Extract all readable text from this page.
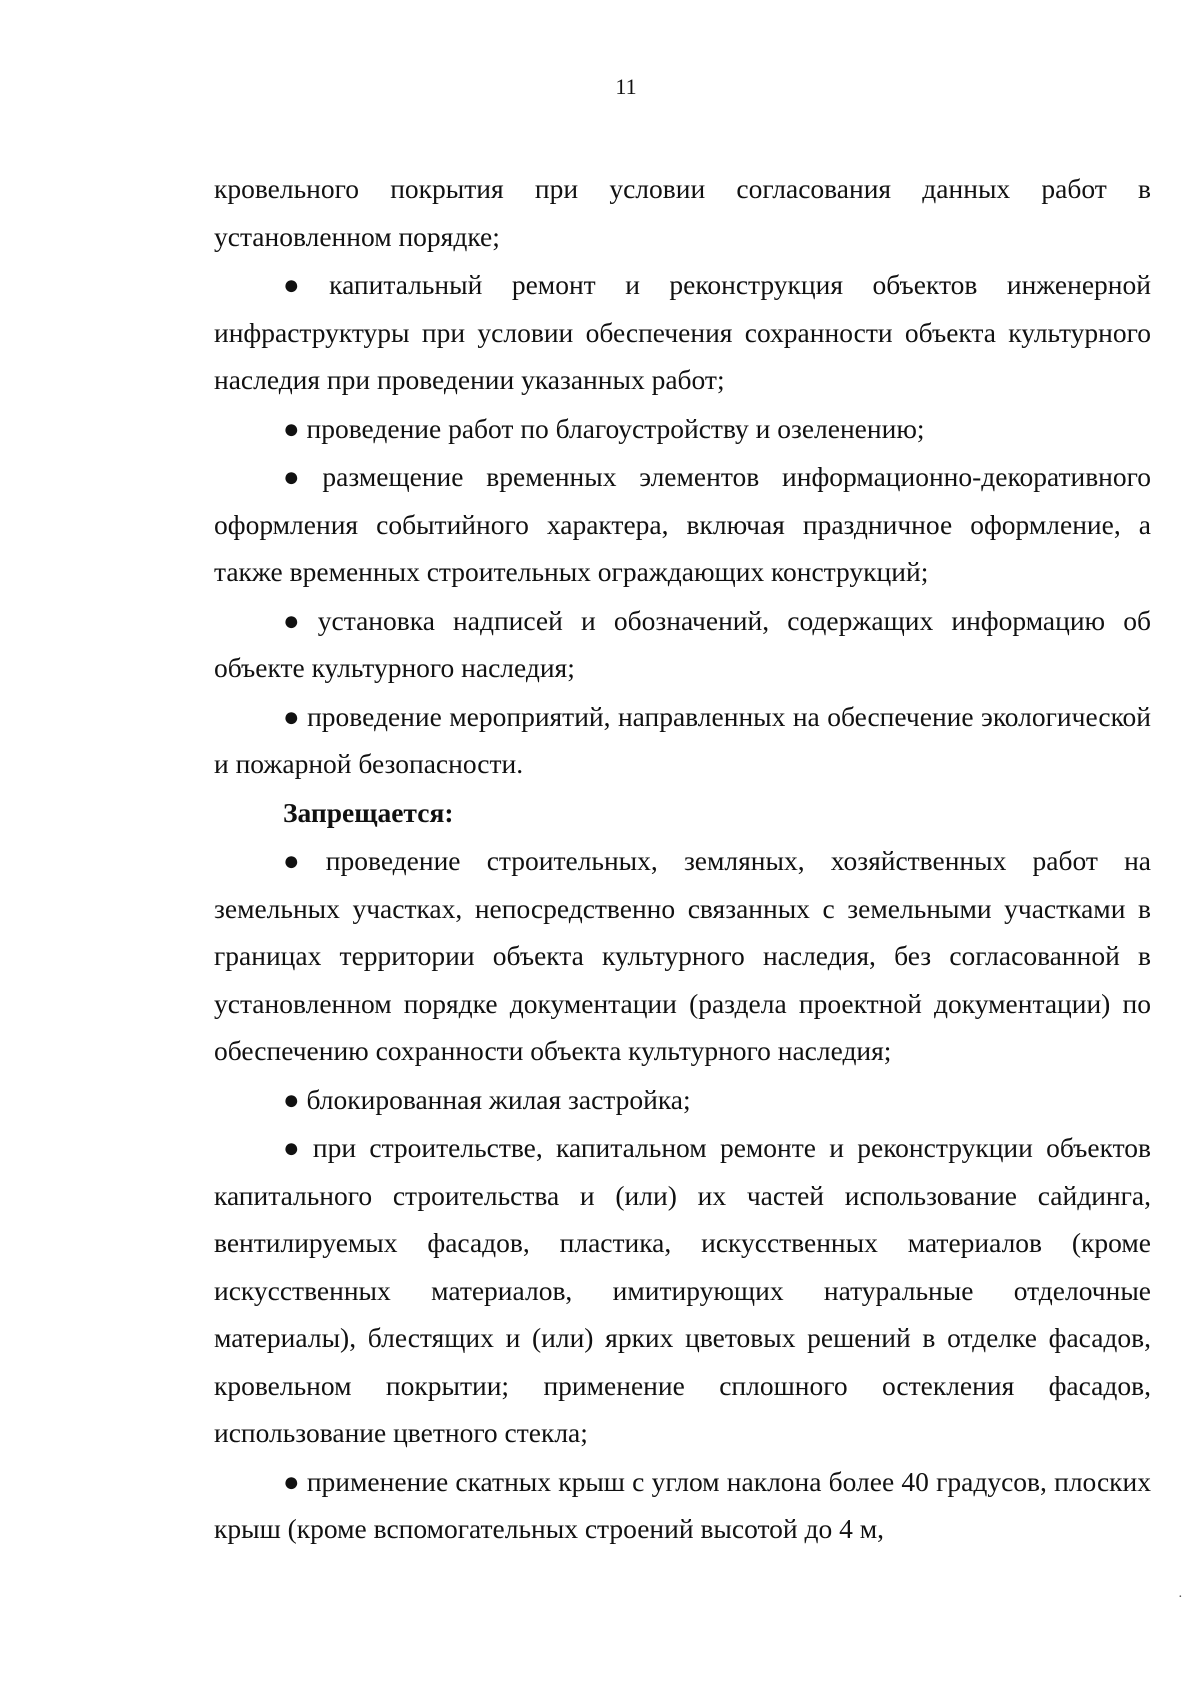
11

кровельного покрытия при условии согласования данных работ в установленном порядке;

● капитальный ремонт и реконструкция объектов инженерной инфраструктуры при условии обеспечения сохранности объекта культурного наследия при проведении указанных работ;

● проведение работ по благоустройству и озеленению;

● размещение временных элементов информационно-декоративного оформления событийного характера, включая праздничное оформление, а также временных строительных ограждающих конструкций;

● установка надписей и обозначений, содержащих информацию об объекте культурного наследия;

● проведение мероприятий, направленных на обеспечение экологической и пожарной безопасности.

Запрещается:

● проведение строительных, земляных, хозяйственных работ на земельных участках, непосредственно связанных с земельными участками в границах территории объекта культурного наследия, без согласованной в установленном порядке документации (раздела проектной документации) по обеспечению сохранности объекта культурного наследия;

● блокированная жилая застройка;

● при строительстве, капитальном ремонте и реконструкции объектов капитального строительства и (или) их частей использование сайдинга, вентилируемых фасадов, пластика, искусственных материалов (кроме искусственных материалов, имитирующих натуральные отделочные материалы), блестящих и (или) ярких цветовых решений в отделке фасадов, кровельном покрытии; применение сплошного остекления фасадов, использование цветного стекла;

● применение скатных крыш с углом наклона более 40 градусов, плоских крыш (кроме вспомогательных строений высотой до 4 м,

·
